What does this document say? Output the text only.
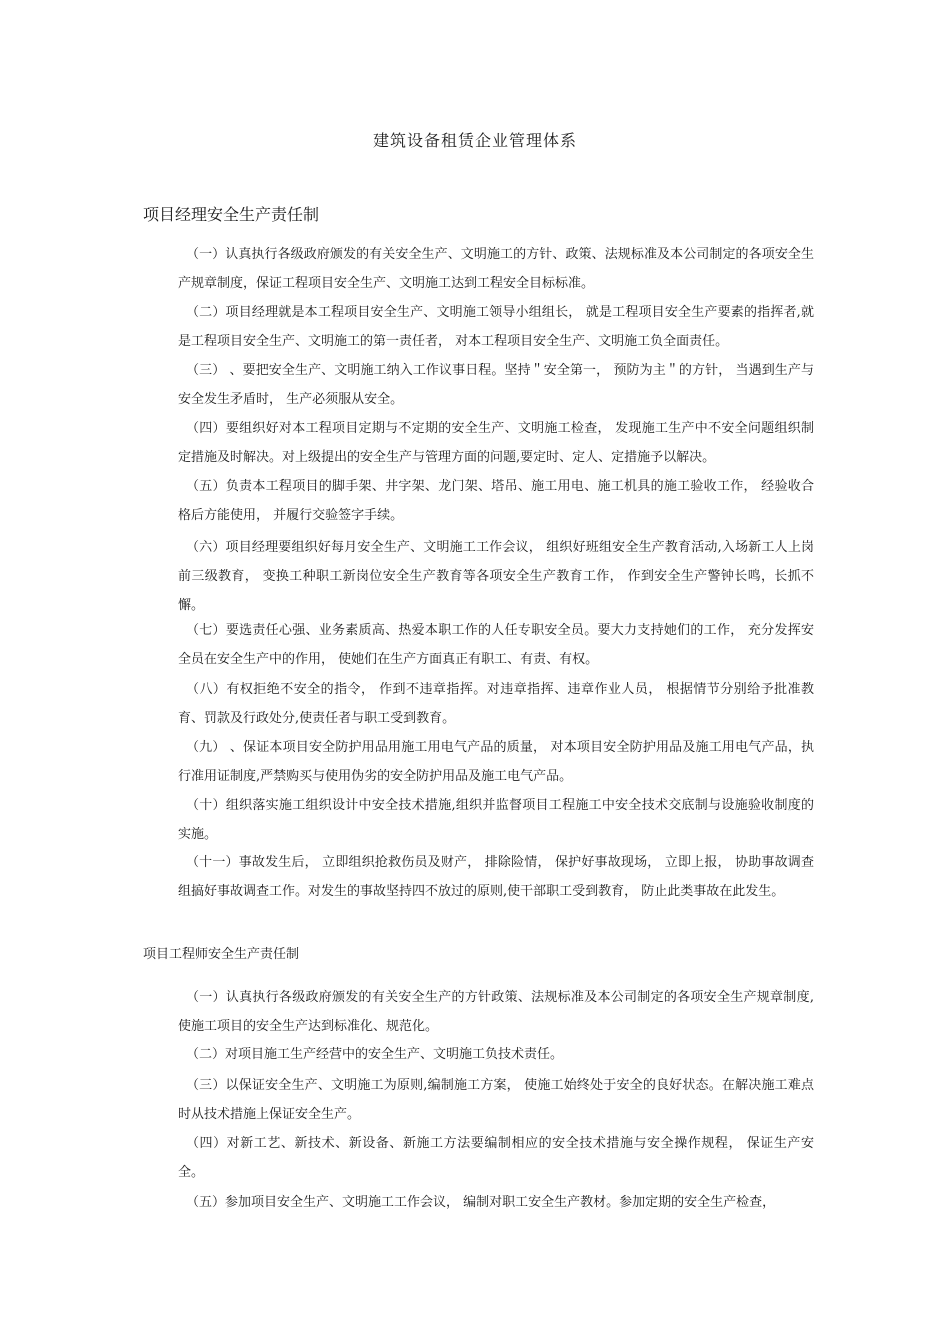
建筑设备租赁企业管理体系
项目经理安全生产责任制

（一）认真执行各级政府颁发的有关安全生产、文明施工的方针、政策、法规标准及本公司制定的各项安全生产规章制度，保证工程项目安全生产、文明施工达到工程安全目标标准。

（二）项目经理就是本工程项目安全生产、文明施工领导小组组长， 就是工程项目安全生产要素的指挥者,就是工程项目安全生产、文明施工的第一责任者， 对本工程项目安全生产、文明施工负全面责任。

（三） 、要把安全生产、文明施工纳入工作议事日程。坚持＂安全第一， 预防为主＂的方针， 当遇到生产与安全发生矛盾时， 生产必须服从安全。

（四）要组织好对本工程项目定期与不定期的安全生产、文明施工检查， 发现施工生产中不安全问题组织制定措施及时解决。对上级提出的安全生产与管理方面的问题,要定时、定人、定措施予以解决。

（五）负责本工程项目的脚手架、井字架、龙门架、塔吊、施工用电、施工机具的施工验收工作， 经验收合格后方能使用， 并履行交验签字手续。

（六）项目经理要组织好每月安全生产、文明施工工作会议， 组织好班组安全生产教育活动,入场新工人上岗前三级教育， 变换工种职工新岗位安全生产教育等各项安全生产教育工作， 作到安全生产警钟长鸣，长抓不懈。

（七）要选责任心强、业务素质高、热爱本职工作的人任专职安全员。要大力支持她们的工作， 充分发挥安全员在安全生产中的作用， 使她们在生产方面真正有职工、有责、有权。

（八）有权拒绝不安全的指令， 作到不违章指挥。对违章指挥、违章作业人员， 根据情节分别给予批准教育、罚款及行政处分,使责任者与职工受到教育。

（九） 、保证本项目安全防护用品用施工用电气产品的质量， 对本项目安全防护用品及施工用电气产品，执行准用证制度,严禁购买与使用伪劣的安全防护用品及施工电气产品。

（十）组织落实施工组织设计中安全技术措施,组织并监督项目工程施工中安全技术交底制与设施验收制度的实施。

（十一）事故发生后， 立即组织抢救伤员及财产， 排除险情， 保护好事故现场， 立即上报， 协助事故调查组搞好事故调查工作。对发生的事故坚持四不放过的原则,使干部职工受到教育， 防止此类事故在此发生。

项目工程师安全生产责任制

（一）认真执行各级政府颁发的有关安全生产的方针政策、法规标准及本公司制定的各项安全生产规章制度,使施工项目的安全生产达到标准化、规范化。

（二）对项目施工生产经营中的安全生产、文明施工负技术责任。

（三）以保证安全生产、文明施工为原则,编制施工方案， 使施工始终处于安全的良好状态。在解决施工难点时从技术措施上保证安全生产。

（四）对新工艺、新技术、新设备、新施工方法要编制相应的安全技术措施与安全操作规程， 保证生产安全。

（五）参加项目安全生产、文明施工工作会议， 编制对职工安全生产教材。参加定期的安全生产检查，
